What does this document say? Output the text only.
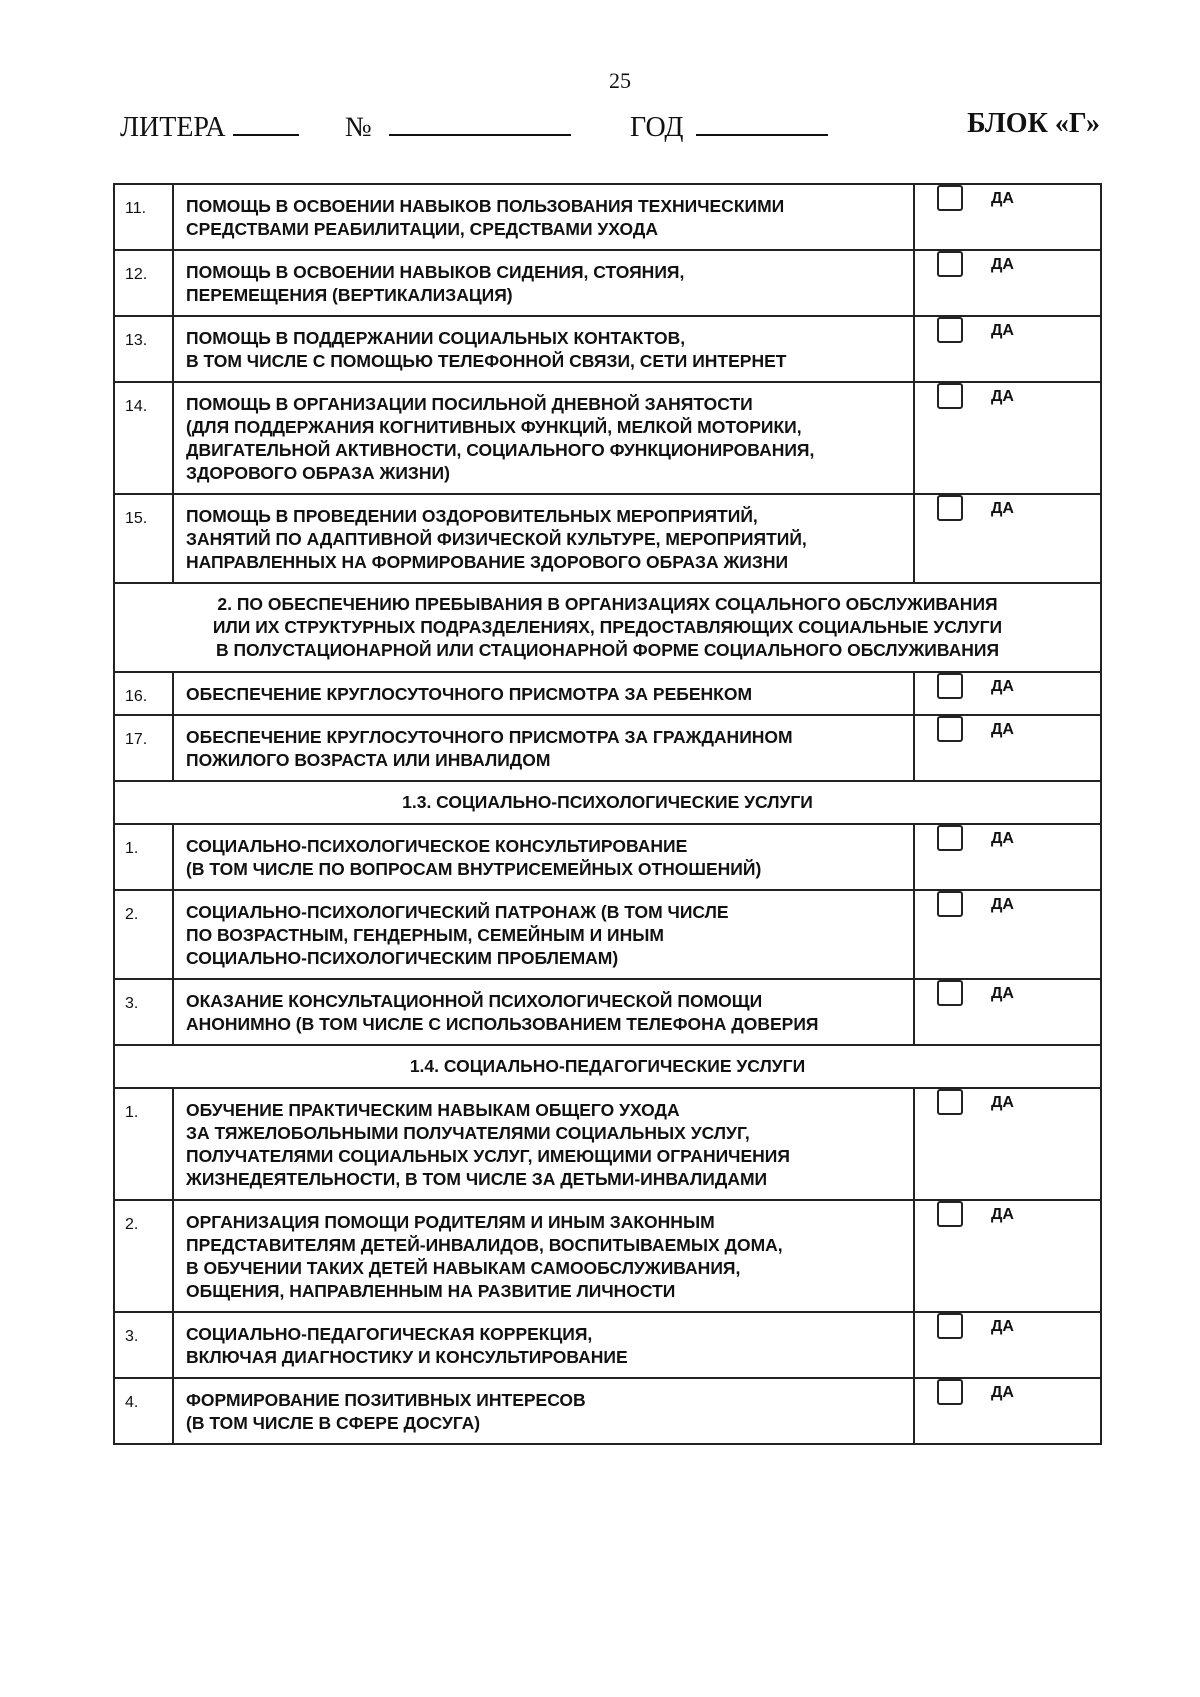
25
ЛИТЕРА	№	ГОД	БЛОК «Г»
11.	ПОМОЩЬ В ОСВОЕНИИ НАВЫКОВ ПОЛЬЗОВАНИЯ ТЕХНИЧЕСКИМИ
СРЕДСТВАМИ РЕАБИЛИТАЦИИ, СРЕДСТВАМИ УХОДА	ДА

12.	ПОМОЩЬ В ОСВОЕНИИ НАВЫКОВ СИДЕНИЯ, СТОЯНИЯ,
ПЕРЕМЕЩЕНИЯ (ВЕРТИКАЛИЗАЦИЯ)	ДА

13.	ПОМОЩЬ В ПОДДЕРЖАНИИ СОЦИАЛЬНЫХ КОНТАКТОВ,
В ТОМ ЧИСЛЕ С ПОМОЩЬЮ ТЕЛЕФОННОЙ СВЯЗИ, СЕТИ ИНТЕРНЕТ	ДА

14.	ПОМОЩЬ В ОРГАНИЗАЦИИ ПОСИЛЬНОЙ ДНЕВНОЙ ЗАНЯТОСТИ
(ДЛЯ ПОДДЕРЖАНИЯ КОГНИТИВНЫХ ФУНКЦИЙ, МЕЛКОЙ МОТОРИКИ,
ДВИГАТЕЛЬНОЙ АКТИВНОСТИ, СОЦИАЛЬНОГО ФУНКЦИОНИРОВАНИЯ,
ЗДОРОВОГО ОБРАЗА ЖИЗНИ)	ДА

15.	ПОМОЩЬ В ПРОВЕДЕНИИ ОЗДОРОВИТЕЛЬНЫХ МЕРОПРИЯТИЙ,
ЗАНЯТИЙ ПО АДАПТИВНОЙ ФИЗИЧЕСКОЙ КУЛЬТУРЕ, МЕРОПРИЯТИЙ,
НАПРАВЛЕННЫХ НА ФОРМИРОВАНИЕ ЗДОРОВОГО ОБРАЗА ЖИЗНИ	ДА

2. ПО ОБЕСПЕЧЕНИЮ ПРЕБЫВАНИЯ В ОРГАНИЗАЦИЯХ СОЦАЛЬНОГО ОБСЛУЖИВАНИЯ
ИЛИ ИХ СТРУКТУРНЫХ ПОДРАЗДЕЛЕНИЯХ, ПРЕДОСТАВЛЯЮЩИХ СОЦИАЛЬНЫЕ УСЛУГИ
В ПОЛУСТАЦИОНАРНОЙ ИЛИ СТАЦИОНАРНОЙ ФОРМЕ СОЦИАЛЬНОГО ОБСЛУЖИВАНИЯ		

16.	ОБЕСПЕЧЕНИЕ КРУГЛОСУТОЧНОГО ПРИСМОТРА ЗА РЕБЕНКОМ	ДА

17.	ОБЕСПЕЧЕНИЕ КРУГЛОСУТОЧНОГО ПРИСМОТРА ЗА ГРАЖДАНИНОМ
ПОЖИЛОГО ВОЗРАСТА ИЛИ ИНВАЛИДОМ	ДА

1.3. СОЦИАЛЬНО-ПСИХОЛОГИЧЕСКИЕ УСЛУГИ		

1.	СОЦИАЛЬНО-ПСИХОЛОГИЧЕСКОЕ КОНСУЛЬТИРОВАНИЕ
(В ТОМ ЧИСЛЕ ПО ВОПРОСАМ ВНУТРИСЕМЕЙНЫХ ОТНОШЕНИЙ)	ДА

2.	СОЦИАЛЬНО-ПСИХОЛОГИЧЕСКИЙ ПАТРОНАЖ (В ТОМ ЧИСЛЕ
ПО ВОЗРАСТНЫМ, ГЕНДЕРНЫМ, СЕМЕЙНЫМ И ИНЫМ
СОЦИАЛЬНО-ПСИХОЛОГИЧЕСКИМ ПРОБЛЕМАМ)	ДА

3.	ОКАЗАНИЕ КОНСУЛЬТАЦИОННОЙ ПСИХОЛОГИЧЕСКОЙ ПОМОЩИ
АНОНИМНО (В ТОМ ЧИСЛЕ С ИСПОЛЬЗОВАНИЕМ ТЕЛЕФОНА ДОВЕРИЯ	ДА

1.4. СОЦИАЛЬНО-ПЕДАГОГИЧЕСКИЕ УСЛУГИ		

1.	ОБУЧЕНИЕ ПРАКТИЧЕСКИМ НАВЫКАМ ОБЩЕГО УХОДА
ЗА ТЯЖЕЛОБОЛЬНЫМИ ПОЛУЧАТЕЛЯМИ СОЦИАЛЬНЫХ УСЛУГ,
ПОЛУЧАТЕЛЯМИ СОЦИАЛЬНЫХ УСЛУГ, ИМЕЮЩИМИ ОГРАНИЧЕНИЯ
ЖИЗНЕДЕЯТЕЛЬНОСТИ, В ТОМ ЧИСЛЕ ЗА ДЕТЬМИ-ИНВАЛИДАМИ	ДА

2.	ОРГАНИЗАЦИЯ ПОМОЩИ РОДИТЕЛЯМ И ИНЫМ ЗАКОННЫМ
ПРЕДСТАВИТЕЛЯМ ДЕТЕЙ-ИНВАЛИДОВ, ВОСПИТЫВАЕМЫХ ДОМА,
В ОБУЧЕНИИ ТАКИХ ДЕТЕЙ НАВЫКАМ САМООБСЛУЖИВАНИЯ,
ОБЩЕНИЯ, НАПРАВЛЕННЫМ НА РАЗВИТИЕ ЛИЧНОСТИ	ДА

3.	СОЦИАЛЬНО-ПЕДАГОГИЧЕСКАЯ КОРРЕКЦИЯ,
ВКЛЮЧАЯ ДИАГНОСТИКУ И КОНСУЛЬТИРОВАНИЕ	ДА

4.	ФОРМИРОВАНИЕ ПОЗИТИВНЫХ ИНТЕРЕСОВ
(В ТОМ ЧИСЛЕ В СФЕРЕ ДОСУГА)	ДА
